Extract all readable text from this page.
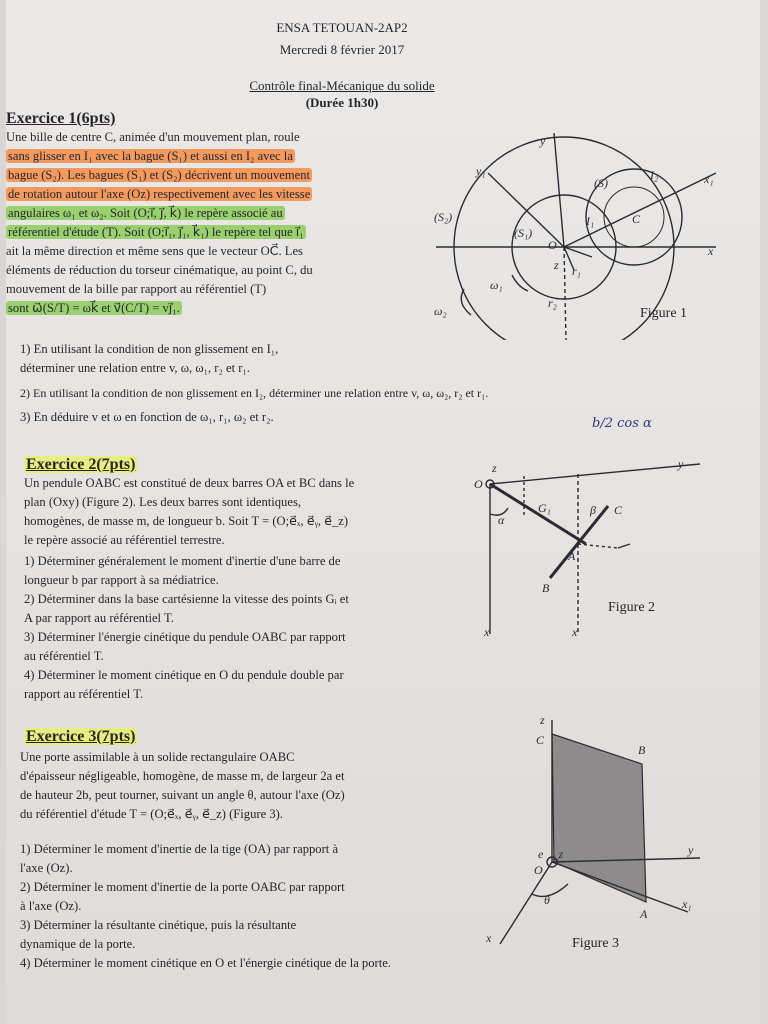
ENSA TETOUAN-2AP2
Mercredi 8 février 2017
Contrôle final-Mécanique du solide
(Durée 1h30)
Exercice 1(6pts)
Une bille de centre C, animée d'un mouvement plan, roule
sans glisser en I₁ avec la bague (S₁) et aussi en I₂ avec la
bague (S₂). Les bagues (S₁) et (S₂) décrivent un mouvement
de rotation autour l'axe (Oz) respectivement avec les vitesse
angulaires ω₁ et ω₂. Soit (O;i⃗, j⃗, k⃗) le repère associé au
référentiel d'étude (T). Soit (O;i⃗₁, j⃗₁, k⃗₁) le repère tel que i⃗₁
ait la même direction et même sens que le vecteur OC⃗. Les
éléments de réduction du torseur cinématique, au point C, du
mouvement de la bille par rapport au référentiel (T)
sont ω⃗(S/T) = ωk⃗ et v⃗(C/T) = vj⃗₁.
1) En utilisant la condition de non glissement en I₁,
déterminer une relation entre v, ω, ω₁, r₂ et r₁.
2) En utilisant la condition de non glissement en I₂, déterminer une relation entre v, ω, ω₂, r₂ et r₁.
3) En déduire v et ω en fonction de ω₁, r₁, ω₂ et r₂.	b/2 cos α
y
y₁
x
x₁
O
C
I₂
I₁
(S₁)
(S₂)
(S)
ω₁
ω₂
z r₁
r₂
Figure 1
Exercice 2(7pts)
Un pendule OABC est constitué de deux barres OA et BC dans le
plan (Oxy) (Figure 2). Les deux barres sont identiques,
homogènes, de masse m, de longueur b. Soit T = (O;e⃗ₓ, e⃗ᵧ, e⃗_z)
le repère associé au référentiel terrestre.
1) Déterminer généralement le moment d'inertie d'une barre de
longueur b par rapport à sa médiatrice.
2) Déterminer dans la base cartésienne la vitesse des points Gᵢ et
A par rapport au référentiel T.
3) Déterminer l'énergie cinétique du pendule OABC par rapport
au référentiel T.
4) Déterminer le moment cinétique en O du pendule double par
rapport au référentiel T.
O
y
z
x	x
α
β C
B
G₁
A
Figure 2
Exercice 3(7pts)
Une porte assimilable à un solide rectangulaire OABC
d'épaisseur négligeable, homogène, de masse m, de largeur 2a et
de hauteur 2b, peut tourner, suivant un angle θ, autour l'axe (Oz)
du référentiel d'étude T = (O;e⃗ₓ, e⃗ᵧ, e⃗_z) (Figure 3).
1) Déterminer le moment d'inertie de la tige (OA) par rapport à
l'axe (Oz).
2) Déterminer le moment d'inertie de la porte OABC par rapport
à l'axe (Oz).
3) Déterminer la résultante cinétique, puis la résultante
dynamique de la porte.
4) Déterminer le moment cinétique en O et l'énergie cinétique de la porte.
z
C
B
O
y
x
A
θ
e⃗_z
x₁
Figure 3
